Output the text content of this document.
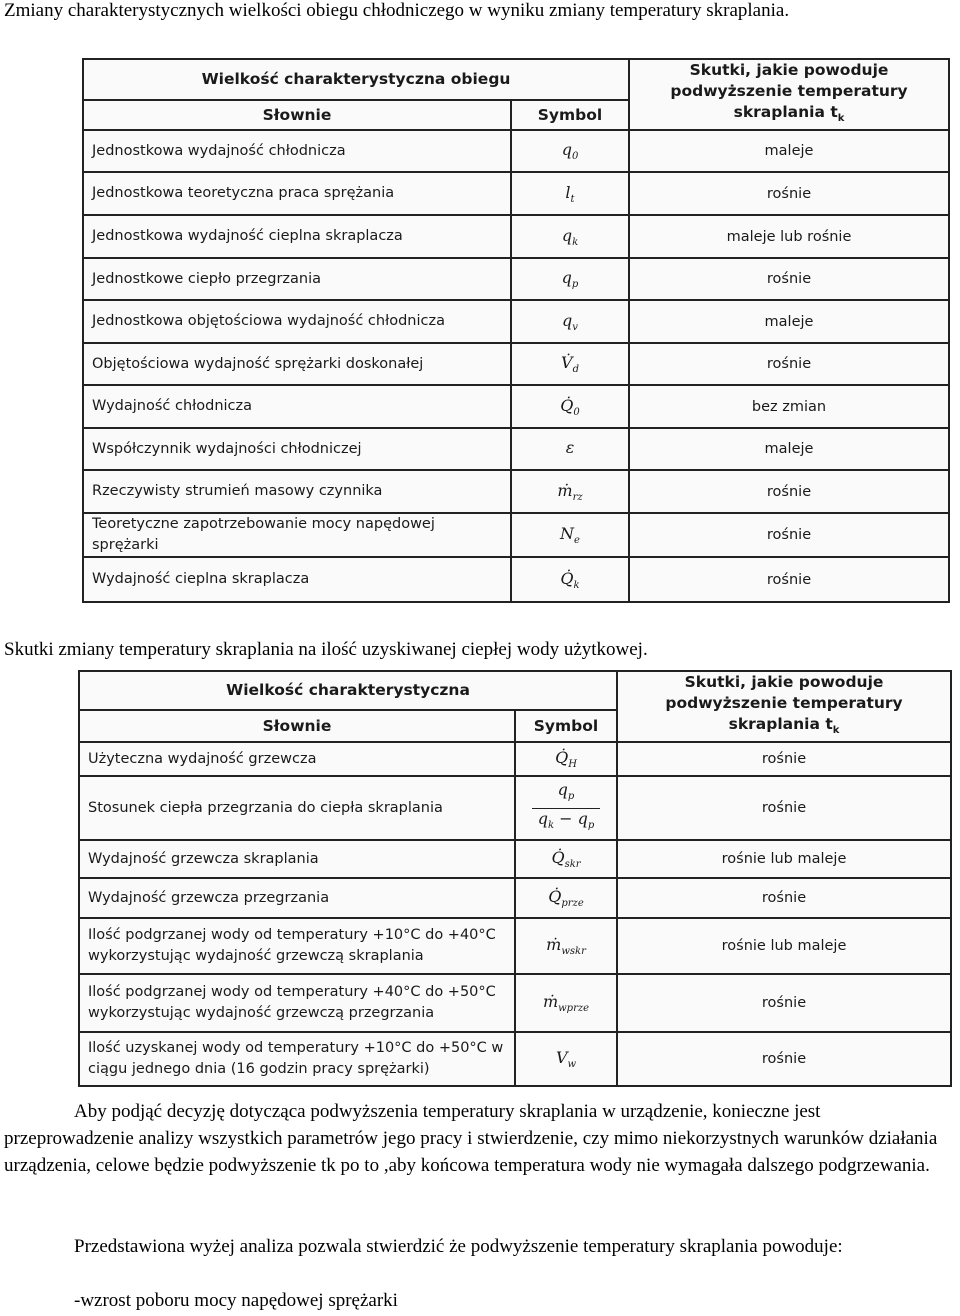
Zmiany charakterystycznych wielkości obiegu chłodniczego w wyniku zmiany temperatury skraplania.

Wielkość charakterystyczna obiegu		Skutki, jakie powoduje podwyższenie temperatury skraplania $t_k$
Słownie	Symbol	
Jednostkowa wydajność chłodnicza	$q_0$	maleje
Jednostkowa teoretyczna praca sprężania	$l_t$	rośnie
Jednostkowa wydajność cieplna skraplacza	$q_k$	maleje lub rośnie
Jednostkowe ciepło przegrzania	$q_p$	rośnie
Jednostkowa objętościowa wydajność chłodnicza	$q_v$	maleje
Objętościowa wydajność sprężarki doskonałej	$V̇_d$	rośnie
Wydajność chłodnicza	$Q̇_0$	bez zmian
Współczynnik wydajności chłodniczej	ε	maleje
Rzeczywisty strumień masowy czynnika	ṁ$_{rz}$	rośnie
Teoretyczne zapotrzebowanie mocy napędowej sprężarki	$N_e$	rośnie
Wydajność cieplna skraplacza	$Q̇_k$	rośnie

Skutki zmiany temperatury skraplania na ilość uzyskiwanej ciepłej wody użytkowej.

Wielkość charakterystyczna		Skutki, jakie powoduje podwyższenie temperatury skraplania $t_k$
Słownie	Symbol	
Użyteczna wydajność grzewcza	$Q̇_H$	rośnie
Stosunek ciepła przegrzania do ciepła skraplania	$\frac{q_p}{q_k - q_p}$	rośnie
Wydajność grzewcza skraplania	$Q̇_{skr}$	rośnie lub maleje
Wydajność grzewcza przegrzania	$Q̇_{prze}$	rośnie
Ilość podgrzanej wody od temperatury +10°C do +40°C wykorzystując wydajność grzewczą skraplania	ṁ$_{wskr}$	rośnie lub maleje
Ilość podgrzanej wody od temperatury +40°C do +50°C wykorzystując wydajność grzewczą przegrzania	ṁ$_{wprze}$	rośnie
Ilość uzyskanej wody od temperatury +10°C do +50°C w ciągu jednego dnia (16 godzin pracy sprężarki)	$V_w$	rośnie

Aby podjąć decyzję dotycząca podwyższenia temperatury skraplania w urządzenie, konieczne jest przeprowadzenie analizy wszystkich parametrów jego pracy i stwierdzenie, czy mimo niekorzystnych warunków działania urządzenia, celowe będzie podwyższenie tk po to ,aby końcowa temperatura wody nie wymagała dalszego podgrzewania.

Przedstawiona wyżej analiza pozwala stwierdzić że podwyższenie temperatury skraplania powoduje:

-wzrost poboru mocy napędowej sprężarki
